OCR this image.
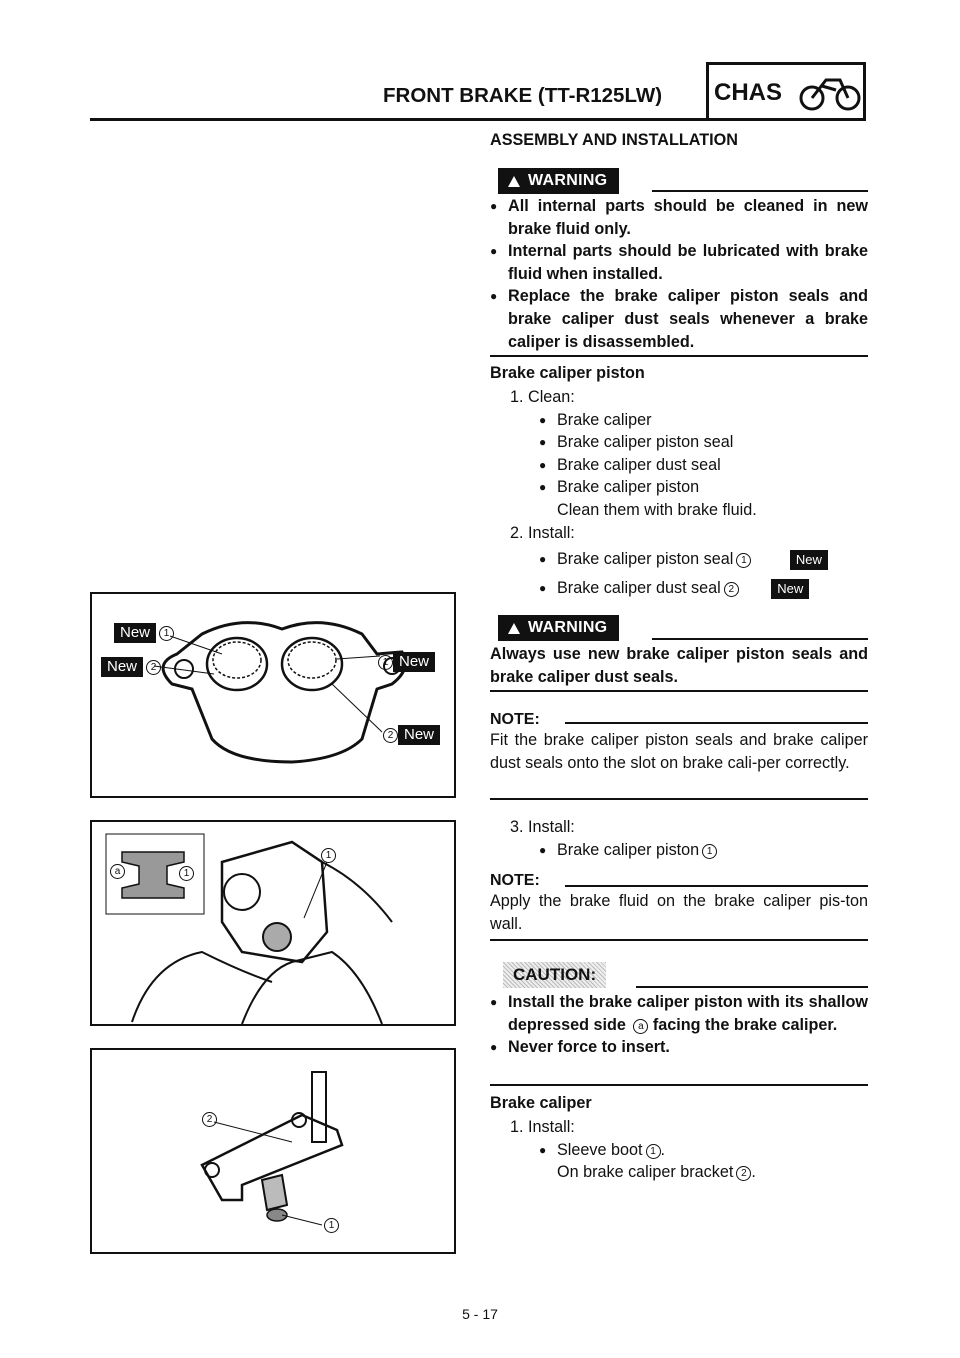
FRONT BRAKE (TT-R125LW) CHAS
ASSEMBLY AND INSTALLATION
WARNING
● All internal parts should be cleaned in new brake fluid only.
● Internal parts should be lubricated with brake fluid when installed.
● Replace the brake caliper piston seals and brake caliper dust seals whenever a brake caliper is disassembled.
Brake caliper piston
1. Clean:
● Brake caliper
● Brake caliper piston seal
● Brake caliper dust seal
● Brake caliper piston
Clean them with brake fluid.
2. Install:
● Brake caliper piston seal 1	New
● Brake caliper dust seal 2	New
WARNING
Always use new brake caliper piston seals and brake caliper dust seals.
NOTE:
Fit the brake caliper piston seals and brake caliper dust seals onto the slot on brake cali-per correctly.
3. Install:
● Brake caliper piston 1
NOTE:
Apply the brake fluid on the brake caliper pis-ton wall.
CAUTION:
● Install the brake caliper piston with its shallow depressed side a facing the brake caliper.
● Never force to insert.
Brake caliper
1. Install:
● Sleeve boot 1 .
On brake caliper bracket 2 .
New 1
New 2	1 New
2 New
a	1
1
2
1
5 - 17
